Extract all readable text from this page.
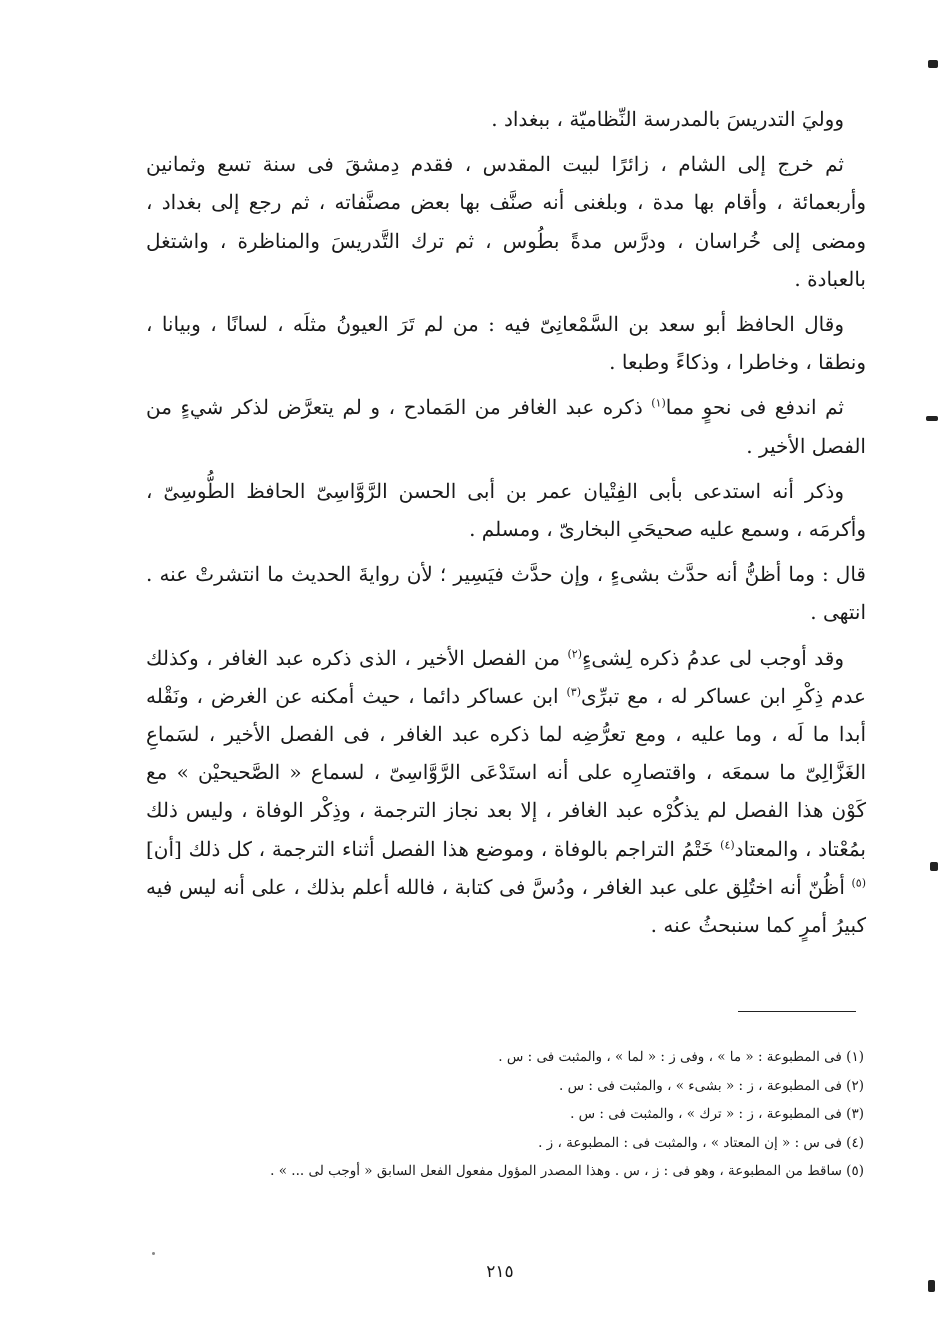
ووليَ التدريسَ بالمدرسة النِّظاميّة ، ببغداد .

ثم خرج إلى الشام ، زائرًا لبيت المقدس ، فقدم دِمشقَ فى سنة تسع وثمانين وأربعمائة ، وأقام بها مدة ، وبلغنى أنه صنَّف بها بعض مصنَّفاته ، ثم رجع إلى بغداد ، ومضى إلى خُراسان ، ودرَّس مدةً بطُوس ، ثم ترك التَّدريسَ والمناظرة ، واشتغل بالعبادة .

وقال الحافظ أبو سعد بن السَّمْعانِىّ فيه : من لم تَرَ العيونُ مثلَه ، لسانًا ، وبيانا ، ونطقا ، وخاطرا ، وذكاءً وطبعا .

ثم اندفع فى نحوٍ مما$^{(١)}$ ذكره عبد الغافر من المَمادح ، و لم يتعرَّض لذكر شيءٍ من الفصل الأخير .

وذكر أنه استدعى بأبى الفِتْيان عمر بن أبى الحسن الرَّوَّاسِىّ الحافظ الطُّوسِىّ ، وأكرمَه ، وسمع عليه صحيحَىِ البخارىّ ، ومسلم .

قال : وما أظنُّ أنه حدَّث بشىءٍ ، وإن حدَّث فيَسِير ؛ لأن روايةَ الحديث ما انتشرتْ عنه . انتهى .

وقد أوجب لى عدمُ ذكره لِشىءٍ$^{(٢)}$ من الفصل الأخير ، الذى ذكره عبد الغافر ، وكذلك عدم ذِكْرِ ابن عساكر له ، مع تبرِّى$^{(٣)}$ ابن عساكر دائما ، حيث أمكنه عن الغرض ، ونَقْله أبدا ما لَه ، وما عليه ، ومع تعرُّضِه لما ذكره عبد الغافر ، فى الفصل الأخير ، لسَماعِ الغَزَّالِىّ ما سمعَه ، واقتصارِه على أنه استَدْعَى الرَّوَّاسِىّ ، لسماع « الصَّحيحيْن » مع كَوْن هذا الفصل لم يذكُرْه عبد الغافر ، إلا بعد نجاز الترجمة ، وذِكْر الوفاة ، وليس ذلك بمُعْتاد ، والمعتاد$^{(٤)}$ خَتْمُ التراجم بالوفاة ، وموضع هذا الفصل أثناء الترجمة ، كل ذلك [أن]$^{(٥)}$ أظُنّ أنه اختُلِق على عبد الغافر ، ودُسَّ فى كتابة ، فالله أعلم بذلك ، على أنه ليس فيه كبيرُ أمرٍ كما سنبحثُ عنه .

(١) فى المطبوعة : « ما » ، وفى ز : « لما » ، والمثبت فى : س .
(٢) فى المطبوعة ، ز : « بشىء » ، والمثبت فى : س .
(٣) فى المطبوعة ، ز : « ترك » ، والمثبت فى : س .
(٤) فى س : « إن المعتاد » ، والمثبت فى : المطبوعة ، ز .
(٥) ساقط من المطبوعة ، وهو فى : ز ، س . وهذا المصدر المؤول مفعول الفعل السابق « أوجب لى ... » .
٢١٥
